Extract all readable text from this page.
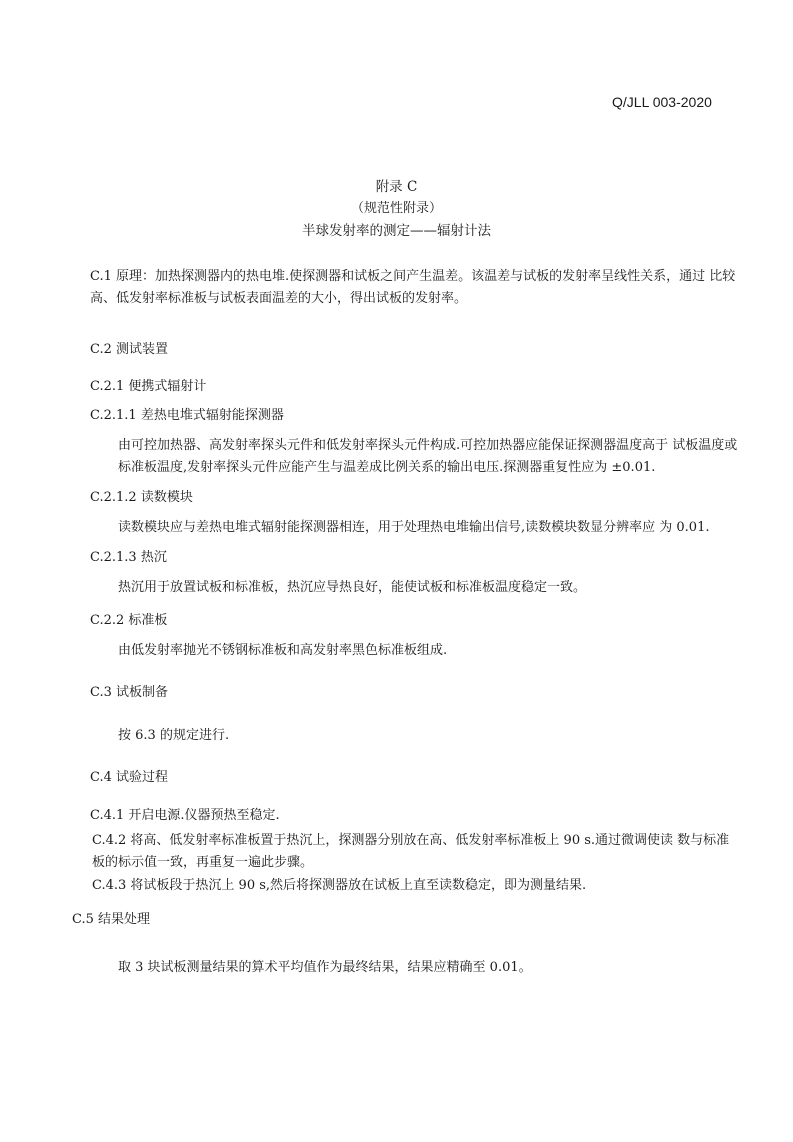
Q/JLL 003-2020
附录 C
（规范性附录）
半球发射率的测定——辐射计法
C.1 原理：加热探测器内的热电堆.使探测器和试板之间产生温差。该温差与试板的发射率呈线性关系，通过 比较高、低发射率标准板与试板表面温差的大小，得出试板的发射率。
C.2 测试装置
C.2.1 便携式辐射计
C.2.1.1 差热电堆式辐射能探测器
由可控加热器、高发射率探头元件和低发射率探头元件构成.可控加热器应能保证探测器温度高于 试板温度或标准板温度,发射率探头元件应能产生与温差成比例关系的输出电压.探测器重复性应为 ±0.01.
C.2.1.2 读数模块
读数模块应与差热电堆式辐射能探测器相连，用于处理热电堆输出信号,读数模块数显分辨率应 为 0.01.
C.2.1.3 热沉
热沉用于放置试板和标准板，热沉应导热良好，能使试板和标准板温度稳定一致。
C.2.2 标准板
由低发射率抛光不锈钢标准板和高发射率黑色标准板组成.
C.3 试板制备
按 6.3 的规定进行.
C.4 试验过程
C.4.1 开启电源.仪器预热至稳定.
C.4.2 将高、低发射率标准板置于热沉上，探测器分别放在高、低发射率标准板上 90 s.通过微调使读 数与标准板的标示值一致，再重复一遍此步骤。
C.4.3 将试板段于热沉上 90 s,然后将探测器放在试板上直至读数稳定，即为测量结果.
C.5 结果处理
取 3 块试板测量结果的算术平均值作为最终结果，结果应精确至 0.01。
